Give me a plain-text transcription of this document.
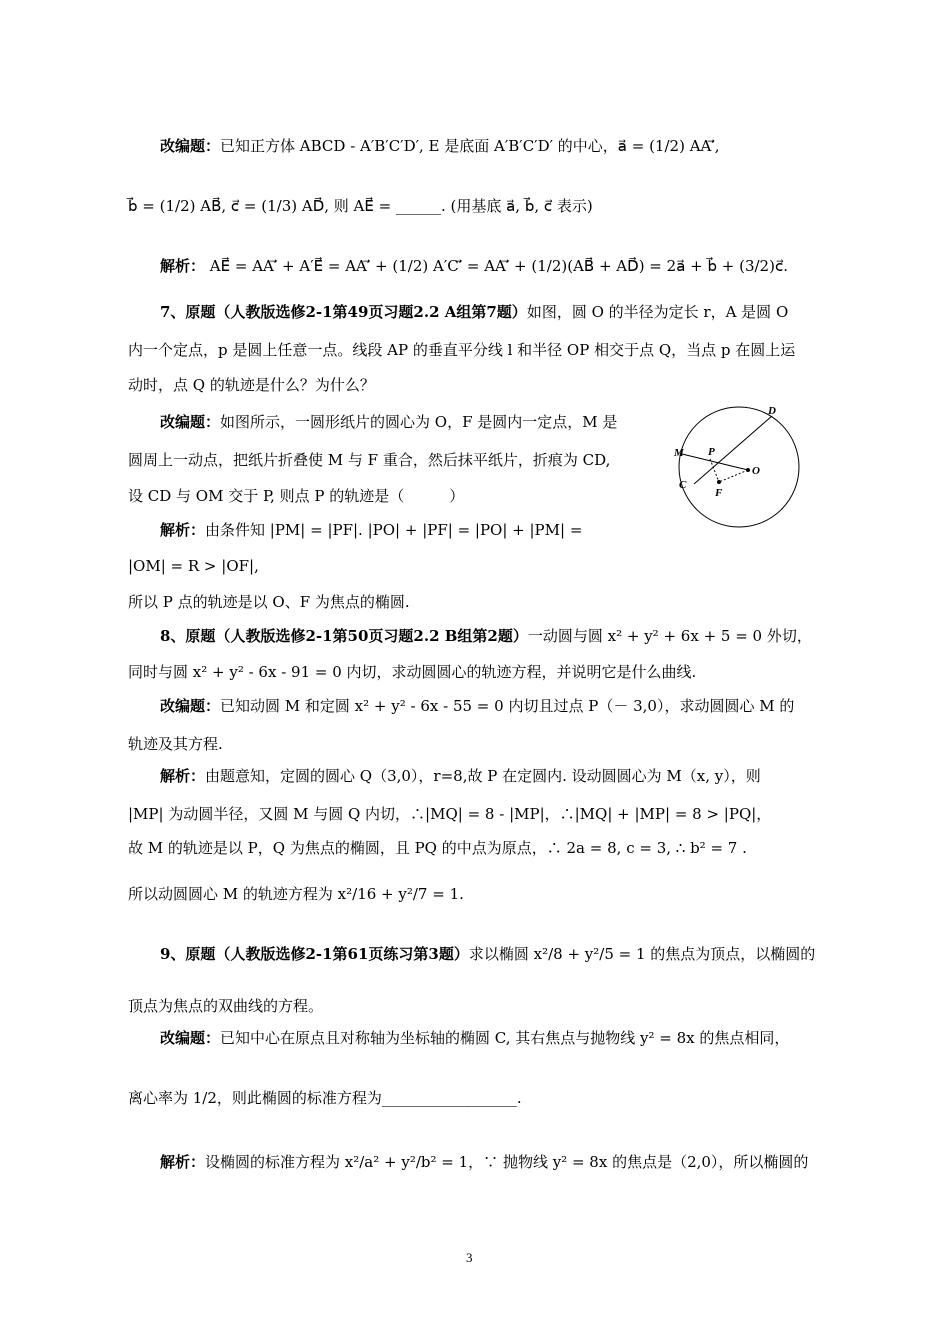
改编题：已知正方体 ABCD - A′B′C′D′, E 是底面 A′B′C′D′ 的中心，a⃗ = (1/2) AA′⃗,
b⃗ = (1/2) AB⃗, c⃗ = (1/3) AD⃗, 则 AE⃗ = ______. (用基底 a⃗, b⃗, c⃗ 表示)
解析： AE⃗ = AA′⃗ + A′E⃗ = AA′⃗ + (1/2) A′C′⃗ = AA′⃗ + (1/2)(AB⃗ + AD⃗) = 2a⃗ + b⃗ + (3/2)c⃗.
7、原题（人教版选修2-1第49页习题2.2 A组第7题）如图，圆 O 的半径为定长 r，A 是圆 O
内一个定点，p 是圆上任意一点。线段 AP 的垂直平分线 l 和半径 OP 相交于点 Q，当点 p 在圆上运
动时，点 Q 的轨迹是什么？为什么？
改编题：如图所示，一圆形纸片的圆心为 O，F 是圆内一定点，M 是
圆周上一动点，把纸片折叠使 M 与 F 重合，然后抹平纸片，折痕为 CD,
设 CD 与 OM 交于 P, 则点 P 的轨迹是（　　　）
解析：由条件知 |PM| = |PF|. |PO| + |PF| = |PO| + |PM| =
|OM| = R > |OF|,
所以 P 点的轨迹是以 O、F 为焦点的椭圆.
8、原题（人教版选修2-1第50页习题2.2 B组第2题）一动圆与圆 x² + y² + 6x + 5 = 0 外切，
同时与圆 x² + y² - 6x - 91 = 0 内切，求动圆圆心的轨迹方程，并说明它是什么曲线.
改编题：已知动圆 M 和定圆 x² + y² - 6x - 55 = 0 内切且过点 P（－ 3,0），求动圆圆心 M 的
轨迹及其方程.
解析：由题意知，定圆的圆心 Q（3,0），r=8,故 P 在定圆内. 设动圆圆心为 M（x, y），则
|MP| 为动圆半径，又圆 M 与圆 Q 内切，∴|MQ| = 8 - |MP|，∴|MQ| + |MP| = 8 > |PQ|，
故 M 的轨迹是以 P，Q 为焦点的椭圆，且 PQ 的中点为原点，∴ 2a = 8, c = 3, ∴ b² = 7 .
所以动圆圆心 M 的轨迹方程为 x²/16 + y²/7 = 1.
9、原题（人教版选修2-1第61页练习第3题）求以椭圆 x²/8 + y²/5 = 1 的焦点为顶点，以椭圆的
顶点为焦点的双曲线的方程。
改编题：已知中心在原点且对称轴为坐标轴的椭圆 C, 其右焦点与抛物线 y² = 8x 的焦点相同，
离心率为 1/2，则此椭圆的标准方程为__________________.
解析：设椭圆的标准方程为 x²/a² + y²/b² = 1，∵ 抛物线 y² = 8x 的焦点是（2,0），所以椭圆的
D
M P
O
C
F
3
